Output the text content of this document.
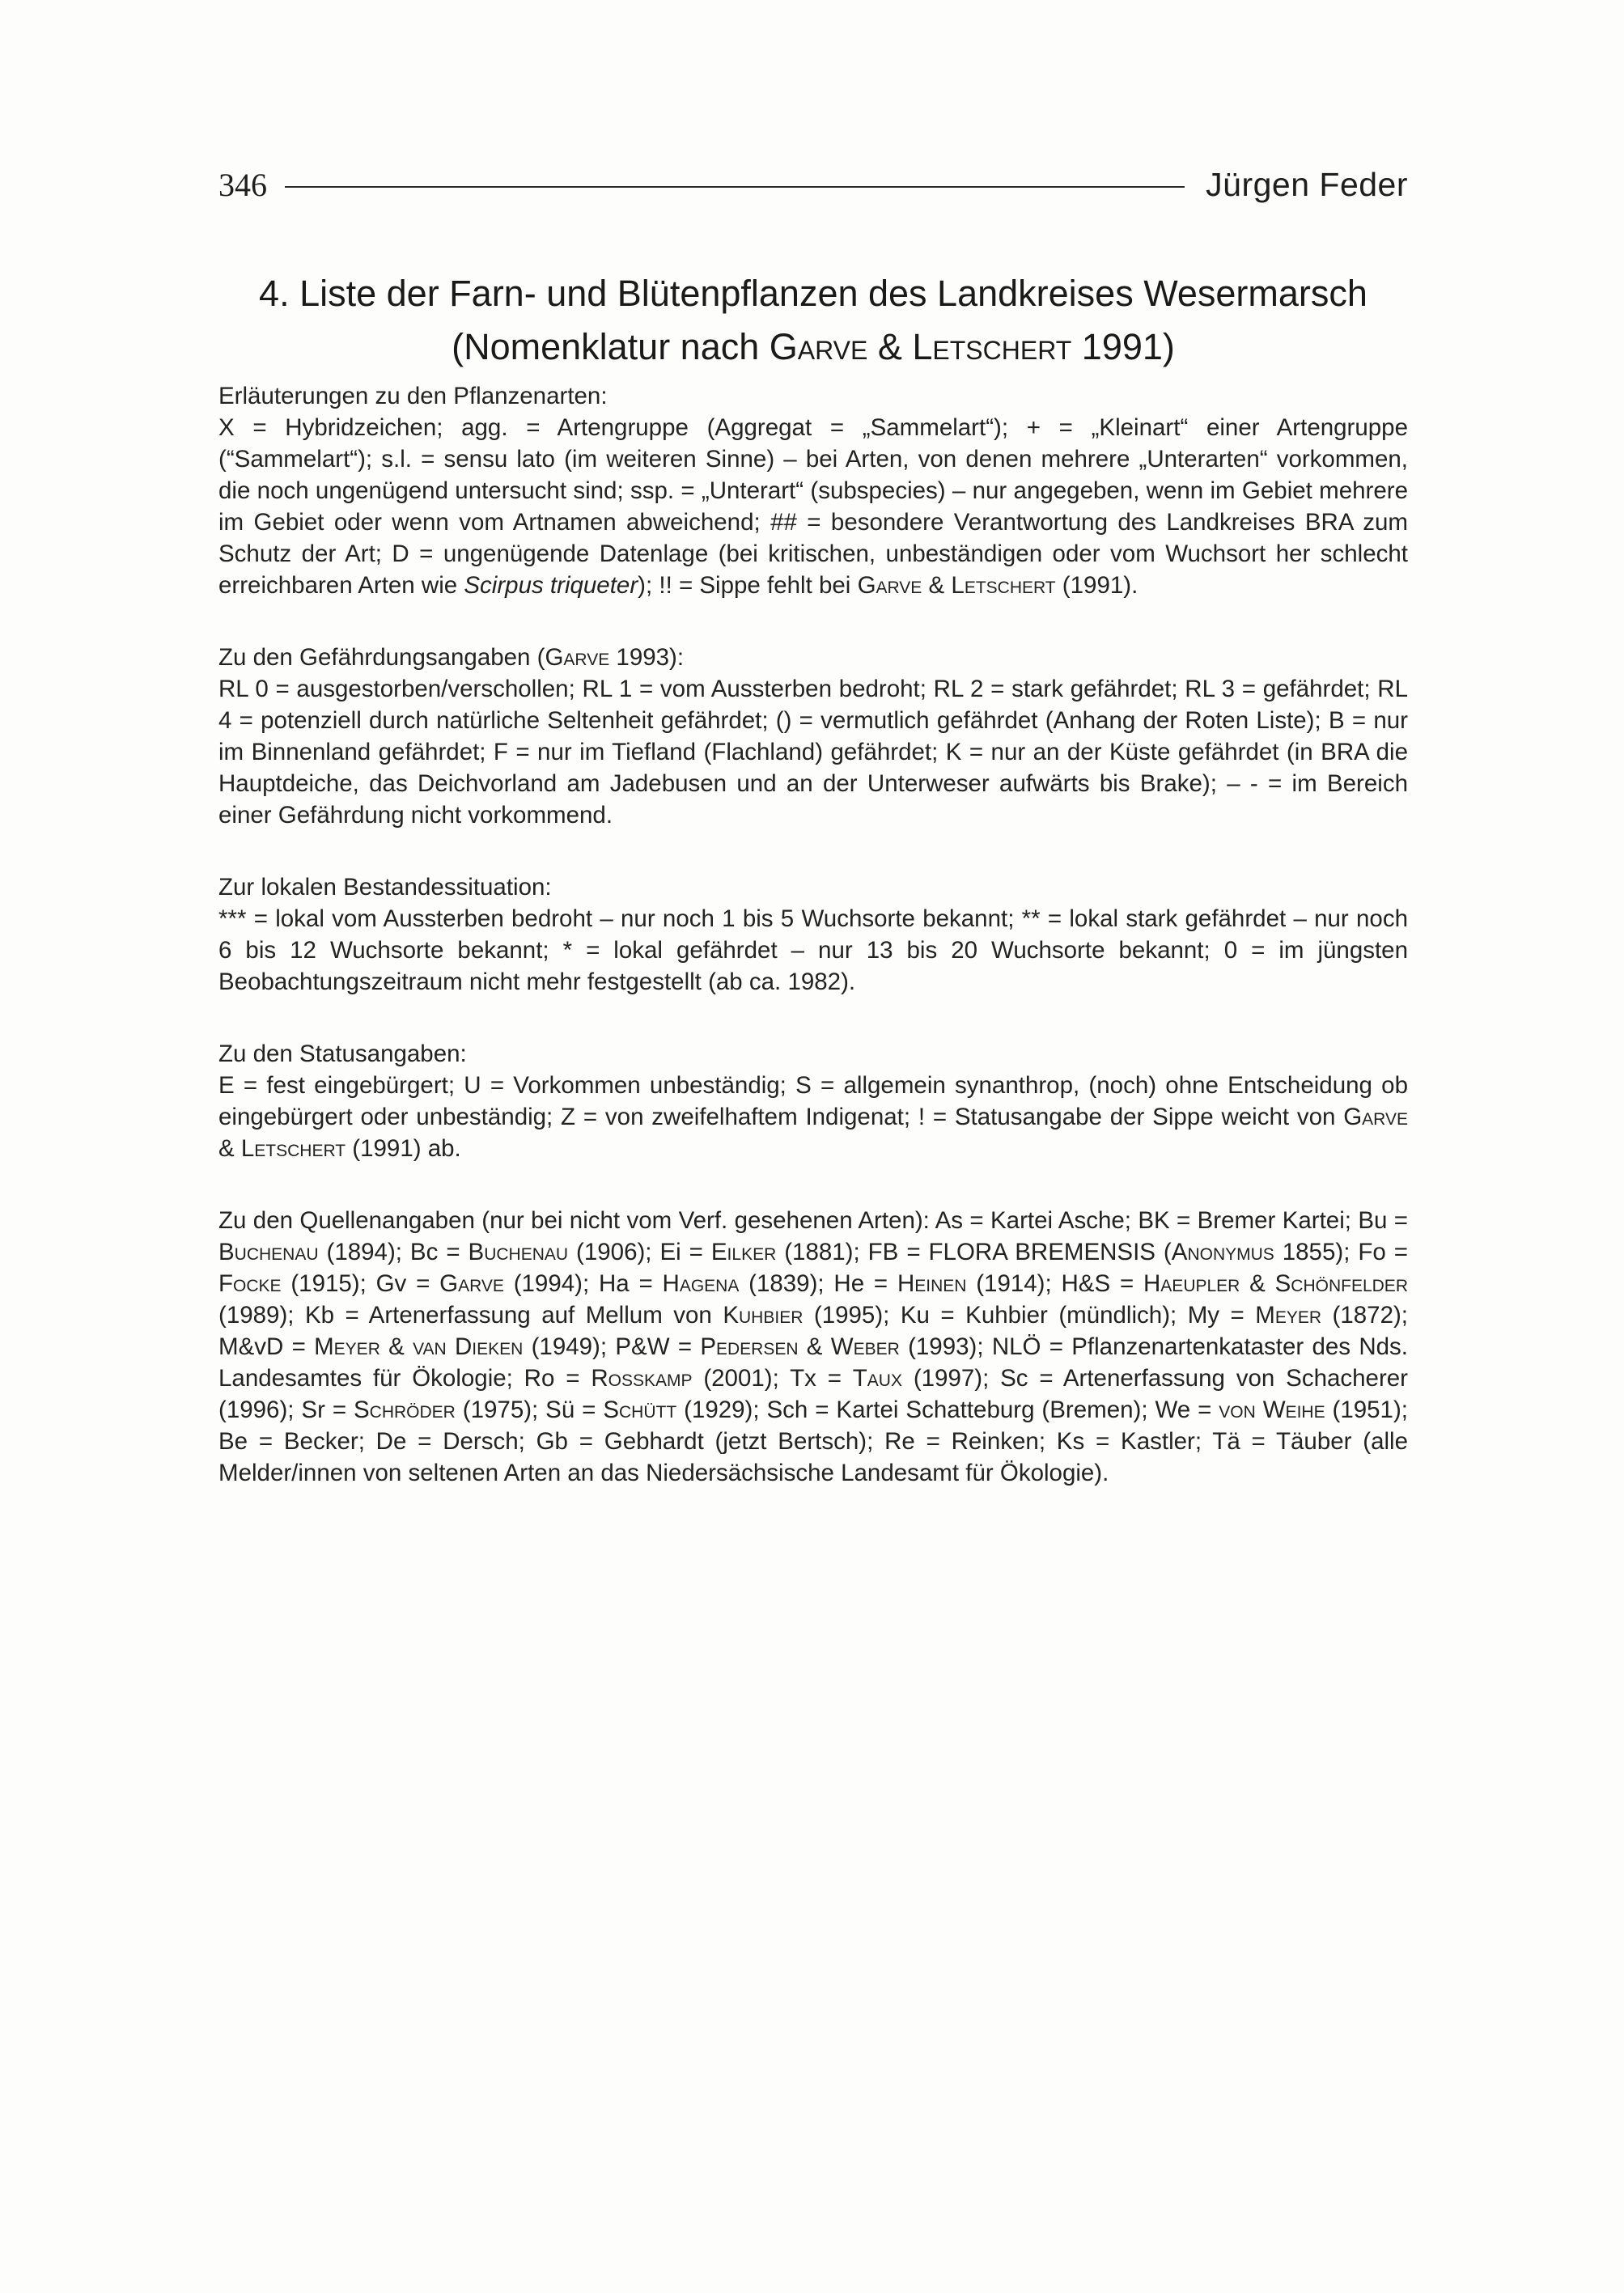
346	Jürgen Feder
4. Liste der Farn- und Blütenpflanzen des Landkreises Wesermarsch
(Nomenklatur nach Garve & Letschert 1991)
Erläuterungen zu den Pflanzenarten:
X = Hybridzeichen; agg. = Artengruppe (Aggregat = „Sammelart“); + = „Kleinart“ einer Artengruppe (“Sammelart“); s.l. = sensu lato (im weiteren Sinne) – bei Arten, von denen mehrere „Unterarten“ vorkommen, die noch ungenügend untersucht sind; ssp. = „Unterart“ (subspecies) – nur angegeben, wenn im Gebiet mehrere im Gebiet oder wenn vom Artnamen abweichend; ## = besondere Verantwortung des Landkreises BRA zum Schutz der Art; D = ungenügende Datenlage (bei kritischen, unbeständigen oder vom Wuchsort her schlecht erreichbaren Arten wie Scirpus triqueter); !! = Sippe fehlt bei Garve & Letschert (1991).
Zu den Gefährdungsangaben (Garve 1993):
RL 0 = ausgestorben/verschollen; RL 1 = vom Aussterben bedroht; RL 2 = stark gefährdet; RL 3 = gefährdet; RL 4 = potenziell durch natürliche Seltenheit gefährdet; () = vermutlich gefährdet (Anhang der Roten Liste); B = nur im Binnenland gefährdet; F = nur im Tiefland (Flachland) gefährdet; K = nur an der Küste gefährdet (in BRA die Hauptdeiche, das Deichvorland am Jadebusen und an der Unterweser aufwärts bis Brake); – - = im Bereich einer Gefährdung nicht vorkommend.
Zur lokalen Bestandessituation:
*** = lokal vom Aussterben bedroht – nur noch 1 bis 5 Wuchsorte bekannt; ** = lokal stark gefährdet – nur noch 6 bis 12 Wuchsorte bekannt; * = lokal gefährdet – nur 13 bis 20 Wuchsorte bekannt; 0 = im jüngsten Beobachtungszeitraum nicht mehr festgestellt (ab ca. 1982).
Zu den Statusangaben:
E = fest eingebürgert; U = Vorkommen unbeständig; S = allgemein synanthrop, (noch) ohne Entscheidung ob eingebürgert oder unbeständig; Z = von zweifelhaftem Indigenat; ! = Statusangabe der Sippe weicht von Garve & Letschert (1991) ab.
Zu den Quellenangaben (nur bei nicht vom Verf. gesehenen Arten): As = Kartei Asche; BK = Bremer Kartei; Bu = Buchenau (1894); Bc = Buchenau (1906); Ei = Eilker (1881); FB = FLORA BREMENSIS (Anonymus 1855); Fo = Focke (1915); Gv = Garve (1994); Ha = Hagena (1839); He = Heinen (1914); H&S = Haeupler & Schönfelder (1989); Kb = Artenerfassung auf Mellum von Kuhbier (1995); Ku = Kuhbier (mündlich); My = Meyer (1872); M&vD = Meyer & van Dieken (1949); P&W = Pedersen & Weber (1993); NLÖ = Pflanzenartenkataster des Nds. Landesamtes für Ökologie; Ro = Roßkamp (2001); Tx = Taux (1997); Sc = Artenerfassung von Schacherer (1996); Sr = Schröder (1975); Sü = Schütt (1929); Sch = Kartei Schatteburg (Bremen); We = von Weihe (1951); Be = Becker; De = Dersch; Gb = Gebhardt (jetzt Bertsch); Re = Reinken; Ks = Kastler; Tä = Täuber (alle Melder/innen von seltenen Arten an das Niedersächsische Landesamt für Ökologie).
